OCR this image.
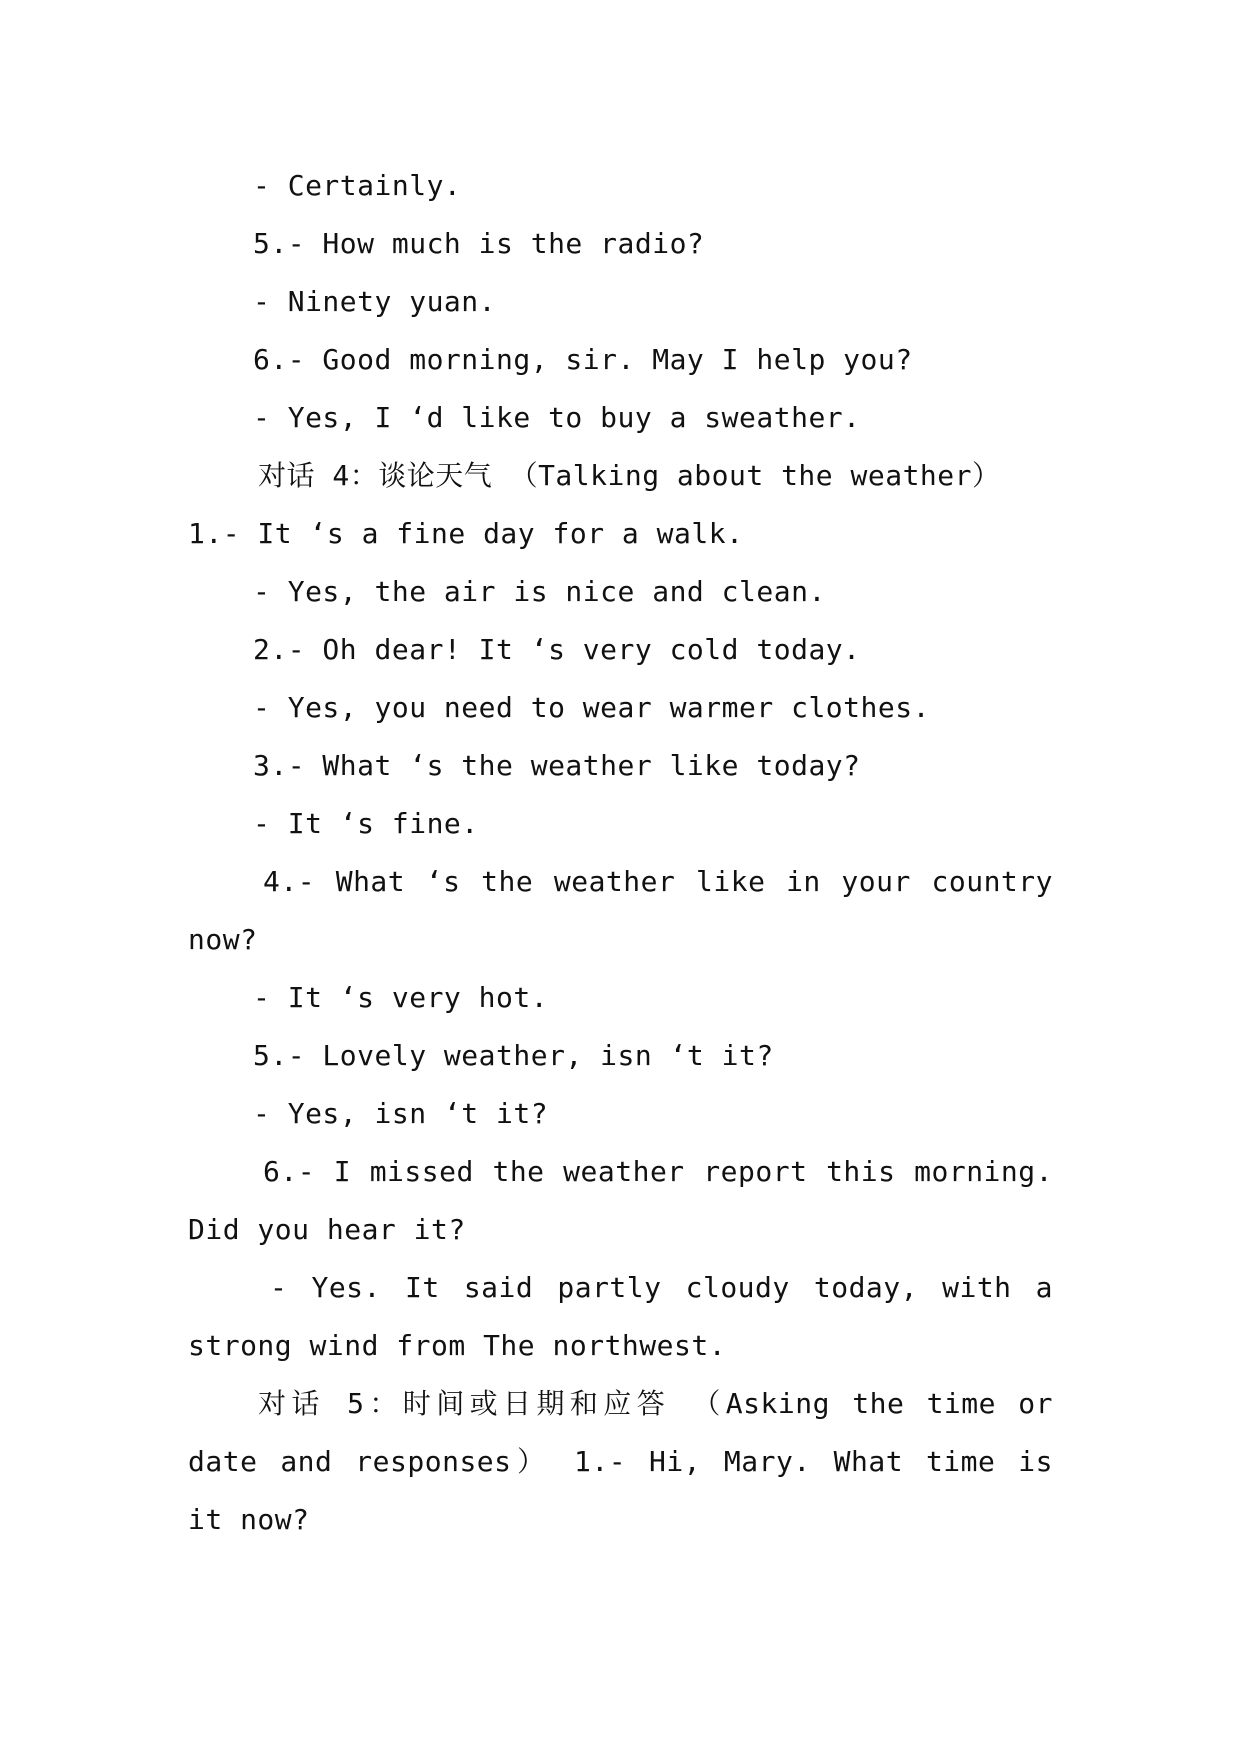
- Certainly.
5.- How much is the radio?
- Ninety yuan.
6.- Good morning, sir. May I help you?
- Yes, I ‘d like to buy a sweather.
对话 4：谈论天气 （Talking about the weather）
1.- It ‘s a fine day for a walk.
- Yes, the air is nice and clean.
2.- Oh dear! It ‘s very cold today.
- Yes, you need to wear warmer clothes.
3.- What ‘s the weather like today?
- It ‘s fine.
4.- What ‘s the weather like in your country
now?
- It ‘s very hot.
5.- Lovely weather, isn ‘t it?
- Yes, isn ‘t it?
6.- I missed the weather report this morning.
Did you hear it?
- Yes. It said partly cloudy today, with a
strong wind from The northwest.
对话 5：时间或日期和应答 （Asking the time or
date and responses） 1.- Hi, Mary. What time is
it now?
